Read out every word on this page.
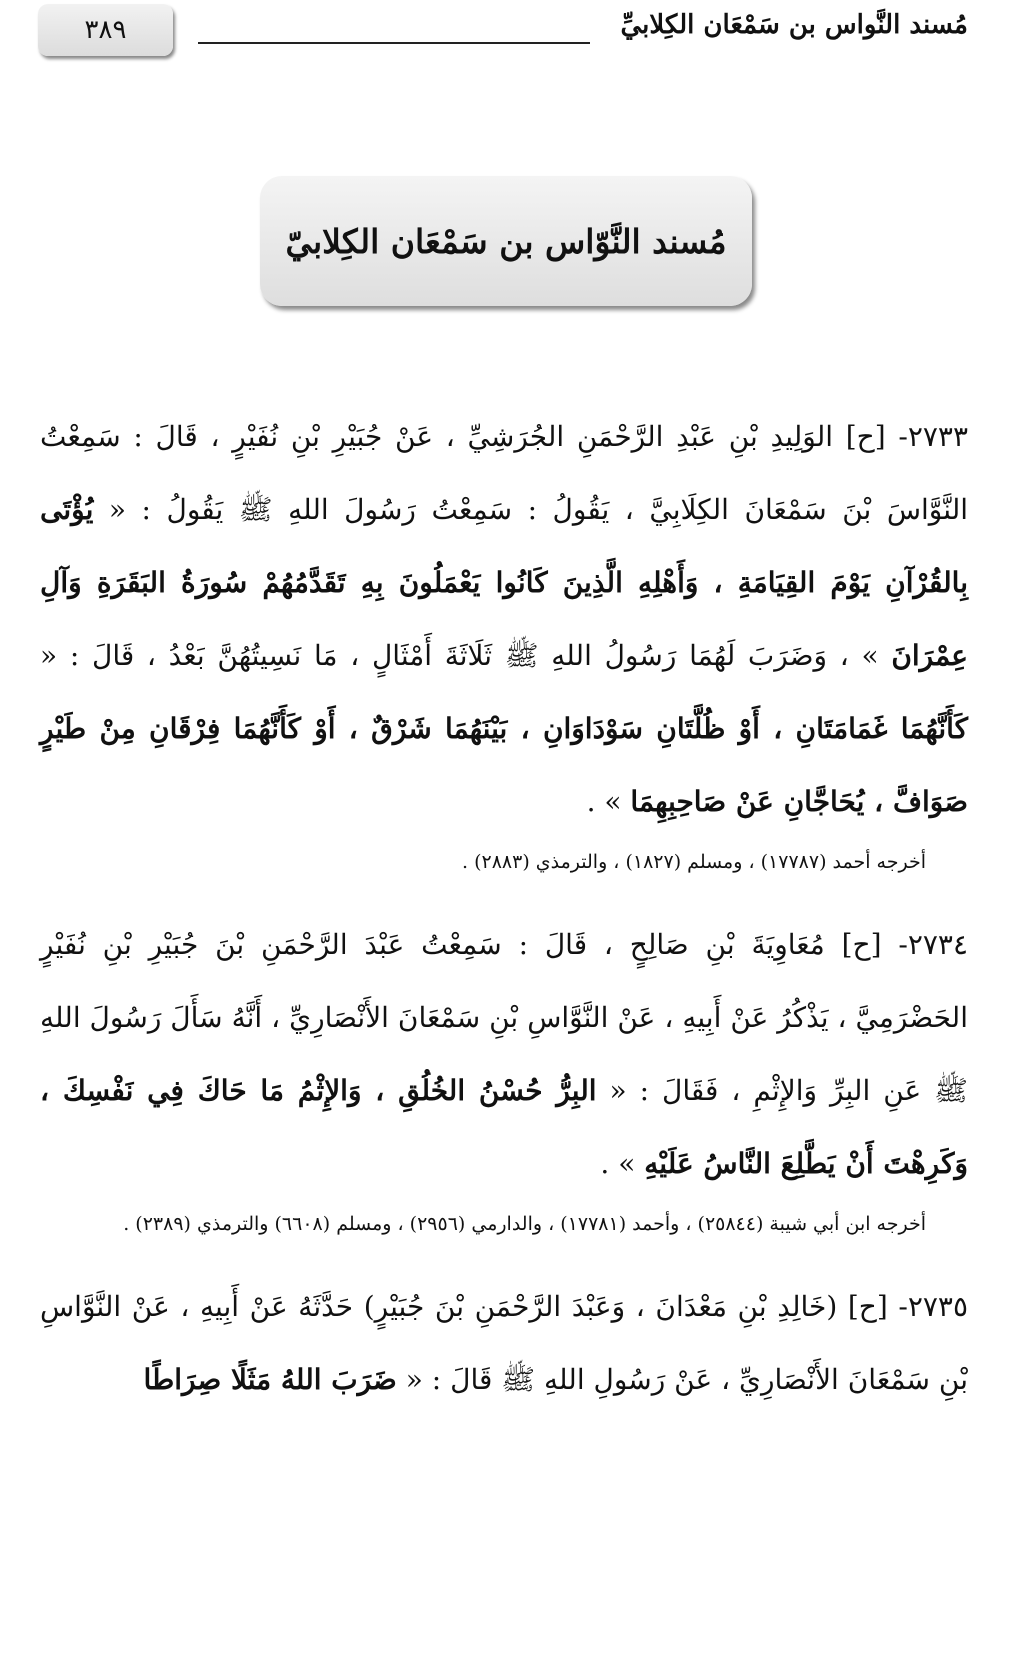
٣٨٩	مُسند النَّواس بن سَمْعَان الكِلابيِّ
مُسند النَّوّاس بن سَمْعَان الكِلابيّ

٢٧٣٣- [ح] الوَلِيدِ بْنِ عَبْدِ الرَّحْمَنِ الجُرَشِيِّ ، عَنْ جُبَيْرِ بْنِ نُفَيْرٍ ، قَالَ : سَمِعْتُ النَّوَّاسَ بْنَ سَمْعَانَ الكِلَابِيَّ ، يَقُولُ : سَمِعْتُ رَسُولَ اللهِ ﷺ يَقُولُ : « يُؤْتَى بِالقُرْآنِ يَوْمَ القِيَامَةِ ، وَأَهْلِهِ الَّذِينَ كَانُوا يَعْمَلُونَ بِهِ تَقَدَّمُهُمْ سُورَةُ البَقَرَةِ وَآلِ عِمْرَانَ » ، وَضَرَبَ لَهُمَا رَسُولُ اللهِ ﷺ ثَلَاثَةَ أَمْثَالٍ ، مَا نَسِيتُهُنَّ بَعْدُ ، قَالَ : « كَأَنَّهُمَا غَمَامَتَانِ ، أَوْ ظُلَّتَانِ سَوْدَاوَانِ ، بَيْنَهُمَا شَرْقٌ ، أَوْ كَأَنَّهُمَا فِرْقَانِ مِنْ طَيْرٍ صَوَافَّ ، يُحَاجَّانِ عَنْ صَاحِبِهِمَا » .

أخرجه أحمد (١٧٧٨٧) ، ومسلم (١٨٢٧) ، والترمذي (٢٨٨٣) .

٢٧٣٤- [ح] مُعَاوِيَةَ بْنِ صَالِحٍ ، قَالَ : سَمِعْتُ عَبْدَ الرَّحْمَنِ بْنَ جُبَيْرِ بْنِ نُفَيْرٍ الحَضْرَمِيَّ ، يَذْكُرُ عَنْ أَبِيهِ ، عَنْ النَّوَّاسِ بْنِ سَمْعَانَ الأَنْصَارِيِّ ، أَنَّهُ سَأَلَ رَسُولَ اللهِ ﷺ عَنِ البِرِّ وَالإِثْمِ ، فَقَالَ : « البِرُّ حُسْنُ الخُلُقِ ، وَالإِثْمُ مَا حَاكَ فِي نَفْسِكَ ، وَكَرِهْتَ أَنْ يَطَّلِعَ النَّاسُ عَلَيْهِ » .

أخرجه ابن أبي شيبة (٢٥٨٤٤) ، وأحمد (١٧٧٨١) ، والدارمي (٢٩٥٦) ، ومسلم (٦٦٠٨) والترمذي (٢٣٨٩) .

٢٧٣٥- [ح] (خَالِدِ بْنِ مَعْدَانَ ، وَعَبْدَ الرَّحْمَنِ بْنَ جُبَيْرٍ) حَدَّثَهُ عَنْ أَبِيهِ ، عَنْ النَّوَّاسِ بْنِ سَمْعَانَ الأَنْصَارِيِّ ، عَنْ رَسُولِ اللهِ ﷺ قَالَ : « ضَرَبَ اللهُ مَثَلًا صِرَاطًا
